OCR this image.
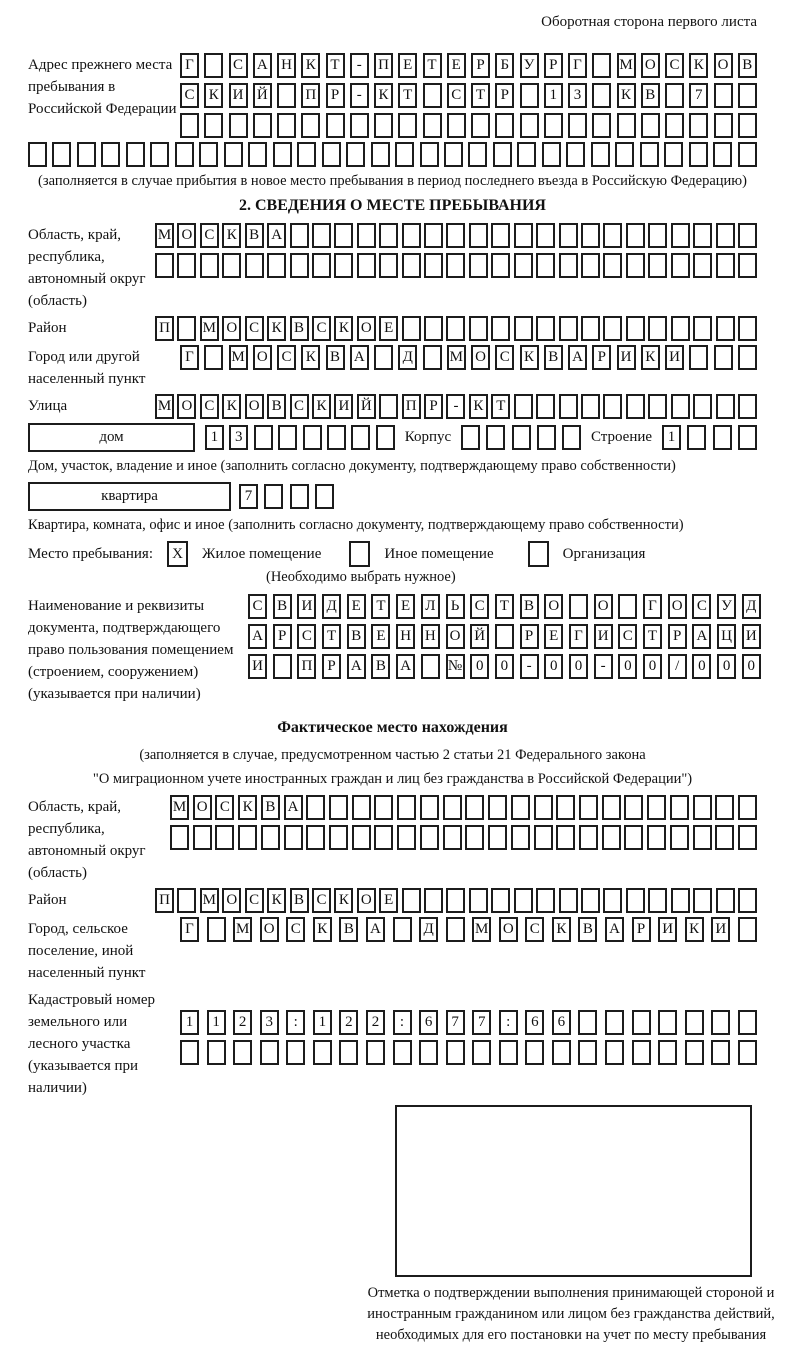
Оборотная сторона первого листа
Адрес прежнего места пребывания в Российской Федерации
Г	С А Н К Т	-	П Е	Т	Е	Р	Б У Р	Г	М О С К О В
С К И Й	П Р	-	К Т	С Т	Р	1	3	К В	7
(заполняется в случае прибытия в новое место пребывания в период последнего въезда в Российскую Федерацию)
2. СВЕДЕНИЯ О МЕСТЕ ПРЕБЫВАНИЯ
Область, край, республика, автономный округ (область)
М О С К В А
Район	П М О С К В С К О Е
Город или другой населенный пункт
Г	М О С К В А	Д М О С К В А Р И К И
Улица	М О С К О В С К И Й П Р	- К Т
дом	1	3	Корпус	Строение	1
Дом, участок, владение и иное (заполнить согласно документу, подтверждающему право собственности)
квартира	7
Квартира, комната, офис и иное (заполнить согласно документу, подтверждающему право собственности)
Место пребывания:	X	Жилое помещение	Иное помещение	Организация
(Необходимо выбрать нужное)
Наименование и реквизиты документа, подтверждающего право пользования помещением (строением, сооружением) (указывается при наличии)
С В И Д Е	Т	Е	Л	Ь	С	Т	В О	О	Г О С У Д
А	Р	С	Т	В	Е Н Н О Й	Р	Е	Г И С	Т	Р	А Ц И
И	П	Р	А В А № 0	0	-	0	0	-	0	0	/	0	0	0
Фактическое место нахождения
(заполняется в случае, предусмотренном частью 2 статьи 21 Федерального закона
"О миграционном учете иностранных граждан и лиц без гражданства в Российской Федерации")
Область, край, республика, автономный округ (область)
М О С К В А
Район	П М О С К В С К О Е
Город, сельское поселение, иной населенный пункт
Г	М О С	К	В	А	Д	М О С	К	В	А	Р	И К	И
Кадастровый номер земельного или лесного участка (указывается при наличии)
1	1	2	3	:	1	2	2	:	6	7	7	:	6	6
Отметка о подтверждении выполнения принимающей стороной и иностранным гражданином или лицом без гражданства действий, необходимых для его постановки на учет по месту пребывания
